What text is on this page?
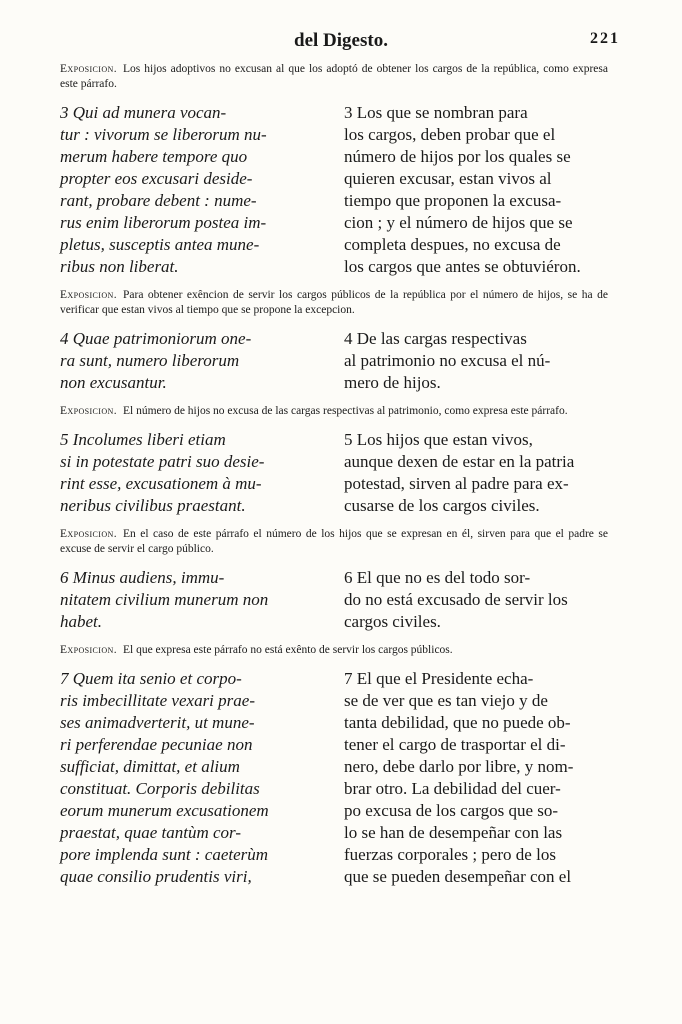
del Digesto.	221

Exposicion. Los hijos adoptivos no excusan al que los adoptó de obtener los cargos de la república, como expresa este párrafo.

3 Qui ad munera vocan-
tur : vivorum se liberorum nu-
merum habere tempore quo
propter eos excusari deside-
rant, probare debent : nume-
rus enim liberorum postea im-
pletus, susceptis antea mune-
ribus non liberat.
3 Los que se nombran para
los cargos, deben probar que el
número de hijos por los quales se
quieren excusar, estan vivos al
tiempo que proponen la excusa-
cion ; y el número de hijos que se
completa despues, no excusa de
los cargos que antes se obtuviéron.

Exposicion. Para obtener exêncion de servir los cargos públicos de la república por el número de hijos, se ha de verificar que estan vivos al tiempo que se propone la excepcion.

4 Quae patrimoniorum one-
ra sunt, numero liberorum
non excusantur.
4 De las cargas respectivas
al patrimonio no excusa el nú-
mero de hijos.

Exposicion. El número de hijos no excusa de las cargas respectivas al patrimonio, como expresa este párrafo.

5 Incolumes liberi etiam
si in potestate patri suo desie-
rint esse, excusationem à mu-
neribus civilibus praestant.
5 Los hijos que estan vivos,
aunque dexen de estar en la patria
potestad, sirven al padre para ex-
cusarse de los cargos civiles.

Exposicion. En el caso de este párrafo el número de los hijos que se expresan en él, sirven para que el padre se excuse de servir el cargo público.

6 Minus audiens, immu-
nitatem civilium munerum non
habet.
6 El que no es del todo sor-
do no está excusado de servir los
cargos civiles.

Exposicion. El que expresa este párrafo no está exênto de servir los cargos públicos.

7 Quem ita senio et corpo-
ris imbecillitate vexari prae-
ses animadverterit, ut mune-
ri perferendae pecuniae non
sufficiat, dimittat, et alium
constituat. Corporis debilitas
eorum munerum excusationem
praestat, quae tantùm cor-
pore implenda sunt : caeterùm
quae consilio prudentis viri,
7 El que el Presidente echa-
se de ver que es tan viejo y de
tanta debilidad, que no puede ob-
tener el cargo de trasportar el di-
nero, debe darlo por libre, y nom-
brar otro. La debilidad del cuer-
po excusa de los cargos que so-
lo se han de desempeñar con las
fuerzas corporales ; pero de los
que se pueden desempeñar con el
